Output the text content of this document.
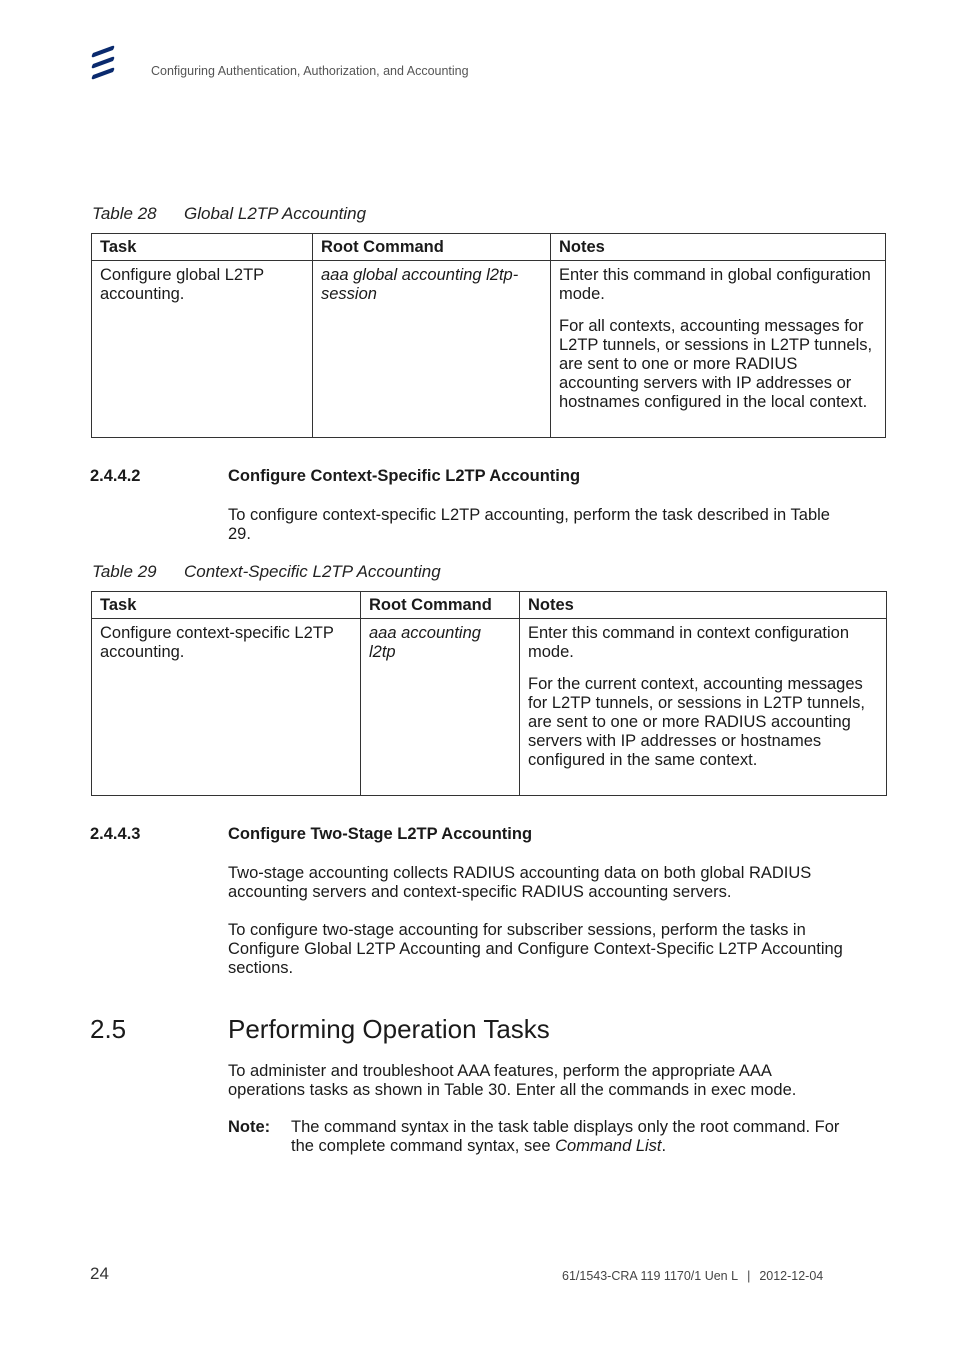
Configuring Authentication, Authorization, and Accounting
Table 28 Global L2TP Accounting
Task	Root Command	Notes
Configure global L2TP accounting.	aaa global accounting l2tp-session	Enter this command in global configuration mode.

For all contexts, accounting messages for L2TP tunnels, or sessions in L2TP tunnels, are sent to one or more RADIUS accounting servers with IP addresses or hostnames configured in the local context.

2.4.4.2	Configure Context-Specific L2TP Accounting
To configure context-specific L2TP accounting, perform the task described in Table 29.
Table 29 Context-Specific L2TP Accounting
Task	Root Command	Notes
Configure context-specific L2TP accounting.	aaa accounting l2tp	Enter this command in context configuration mode.

For the current context, accounting messages for L2TP tunnels, or sessions in L2TP tunnels, are sent to one or more RADIUS accounting servers with IP addresses or hostnames configured in the same context.

2.4.4.3	Configure Two-Stage L2TP Accounting
Two-stage accounting collects RADIUS accounting data on both global RADIUS accounting servers and context-specific RADIUS accounting servers.
To configure two-stage accounting for subscriber sessions, perform the tasks in Configure Global L2TP Accounting and Configure Context-Specific L2TP Accounting sections.
2.5	Performing Operation Tasks
To administer and troubleshoot AAA features, perform the appropriate AAA operations tasks as shown in Table 30. Enter all the commands in exec mode.
Note: The command syntax in the task table displays only the root command. For the complete command syntax, see Command List.
24	61/1543-CRA 119 1170/1 Uen L | 2012-12-04
